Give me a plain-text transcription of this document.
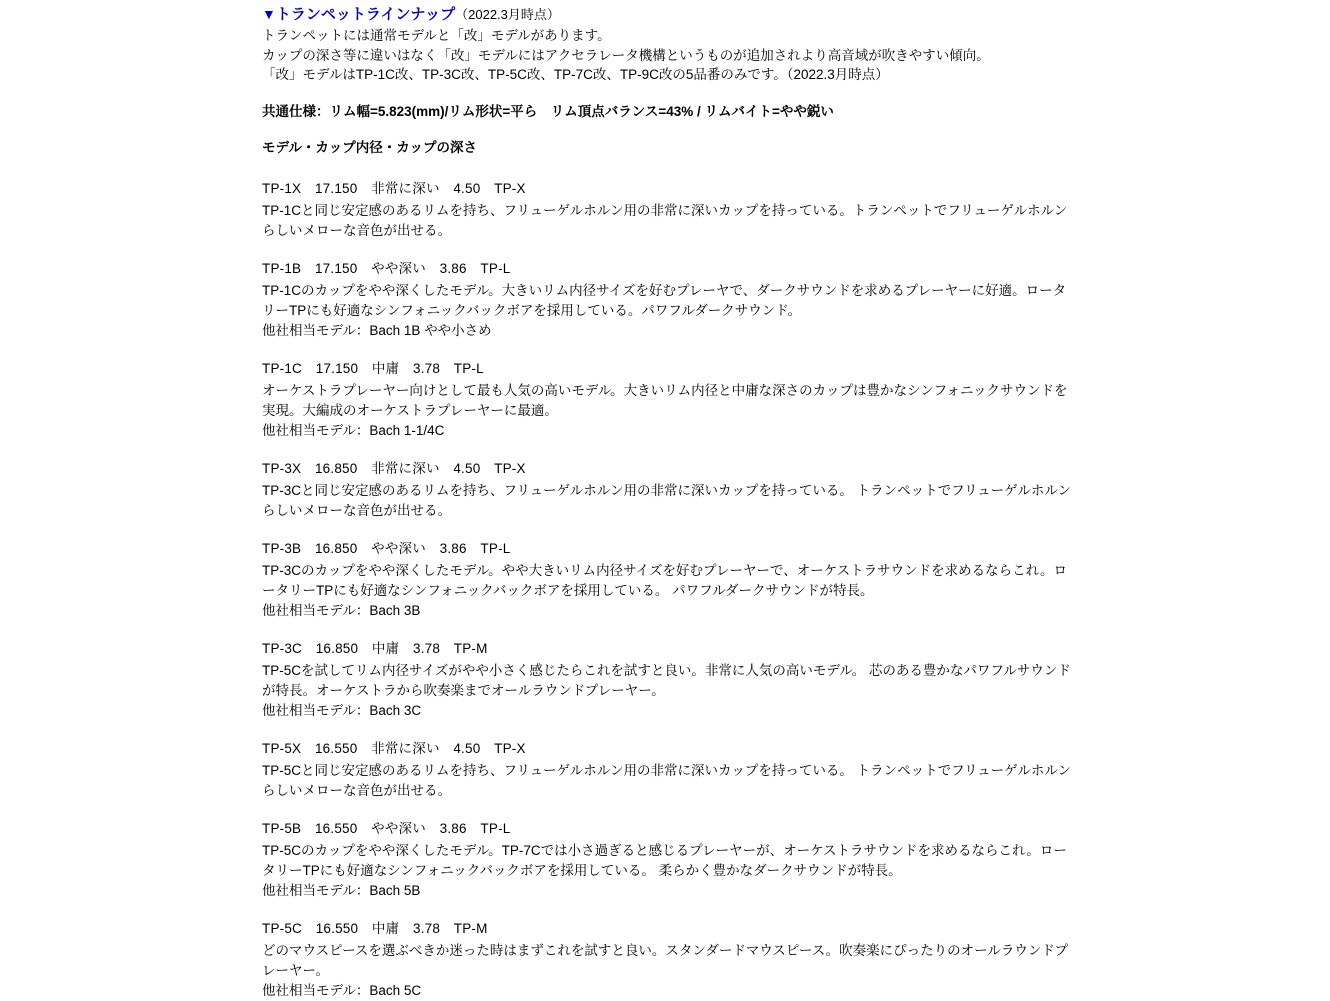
▼トランペットラインナップ（2022.3月時点）

トランペットには通常モデルと「改」モデルがあります。

カップの深さ等に違いはなく「改」モデルにはアクセラレータ機構というものが追加されより高音域が吹きやすい傾向。

「改」モデルはTP-1C改、TP-3C改、TP-5C改、TP-7C改、TP-9C改の5品番のみです。（2022.3月時点）

共通仕様：リム幅=5.823(mm)/リム形状=平ら　リム頂点バランス=43% / リムバイト=やや鋭い

モデル・カップ内径・カップの深さ

TP-1X　17.150　非常に深い　4.50　TP-X

TP-1Cと同じ安定感のあるリムを持ち、フリューゲルホルン用の非常に深いカップを持っている。トランペットでフリューゲルホルンらしいメローな音色が出せる。

TP-1B　17.150　やや深い　3.86　TP-L

TP-1Cのカップをやや深くしたモデル。大きいリム内径サイズを好むプレーヤで、ダークサウンドを求めるプレーヤーに好適。ロータリーTPにも好適なシンフォニックバックボアを採用している。パワフルダークサウンド。

他社相当モデル：Bach 1B やや小さめ

TP-1C　17.150　中庸　3.78　TP-L

オーケストラプレーヤー向けとして最も人気の高いモデル。大きいリム内径と中庸な深さのカップは豊かなシンフォニックサウンドを実現。大編成のオーケストラプレーヤーに最適。

他社相当モデル：Bach 1-1/4C

TP-3X　16.850　非常に深い　4.50　TP-X

TP-3Cと同じ安定感のあるリムを持ち、フリューゲルホルン用の非常に深いカップを持っている。 トランペットでフリューゲルホルンらしいメローな音色が出せる。

TP-3B　16.850　やや深い　3.86　TP-L

TP-3Cのカップをやや深くしたモデル。やや大きいリム内径サイズを好むプレーヤーで、オーケストラサウンドを求めるならこれ。ロータリーTPにも好適なシンフォニックバックボアを採用している。 パワフルダークサウンドが特長。

他社相当モデル：Bach 3B

TP-3C　16.850　中庸　3.78　TP-M

TP-5Cを試してリム内径サイズがやや小さく感じたらこれを試すと良い。非常に人気の高いモデル。 芯のある豊かなパワフルサウンドが特長。オーケストラから吹奏楽までオールラウンドプレーヤー。

他社相当モデル：Bach 3C

TP-5X　16.550　非常に深い　4.50　TP-X

TP-5Cと同じ安定感のあるリムを持ち、フリューゲルホルン用の非常に深いカップを持っている。 トランペットでフリューゲルホルンらしいメローな音色が出せる。

TP-5B　16.550　やや深い　3.86　TP-L

TP-5Cのカップをやや深くしたモデル。TP-7Cでは小さ過ぎると感じるプレーヤーが、オーケストラサウンドを求めるならこれ。ロータリーTPにも好適なシンフォニックバックボアを採用している。 柔らかく豊かなダークサウンドが特長。

他社相当モデル：Bach 5B

TP-5C　16.550　中庸　3.78　TP-M

どのマウスピースを選ぶべきか迷った時はまずこれを試すと良い。スタンダードマウスピース。吹奏楽にぴったりのオールラウンドプレーヤー。

他社相当モデル：Bach 5C
